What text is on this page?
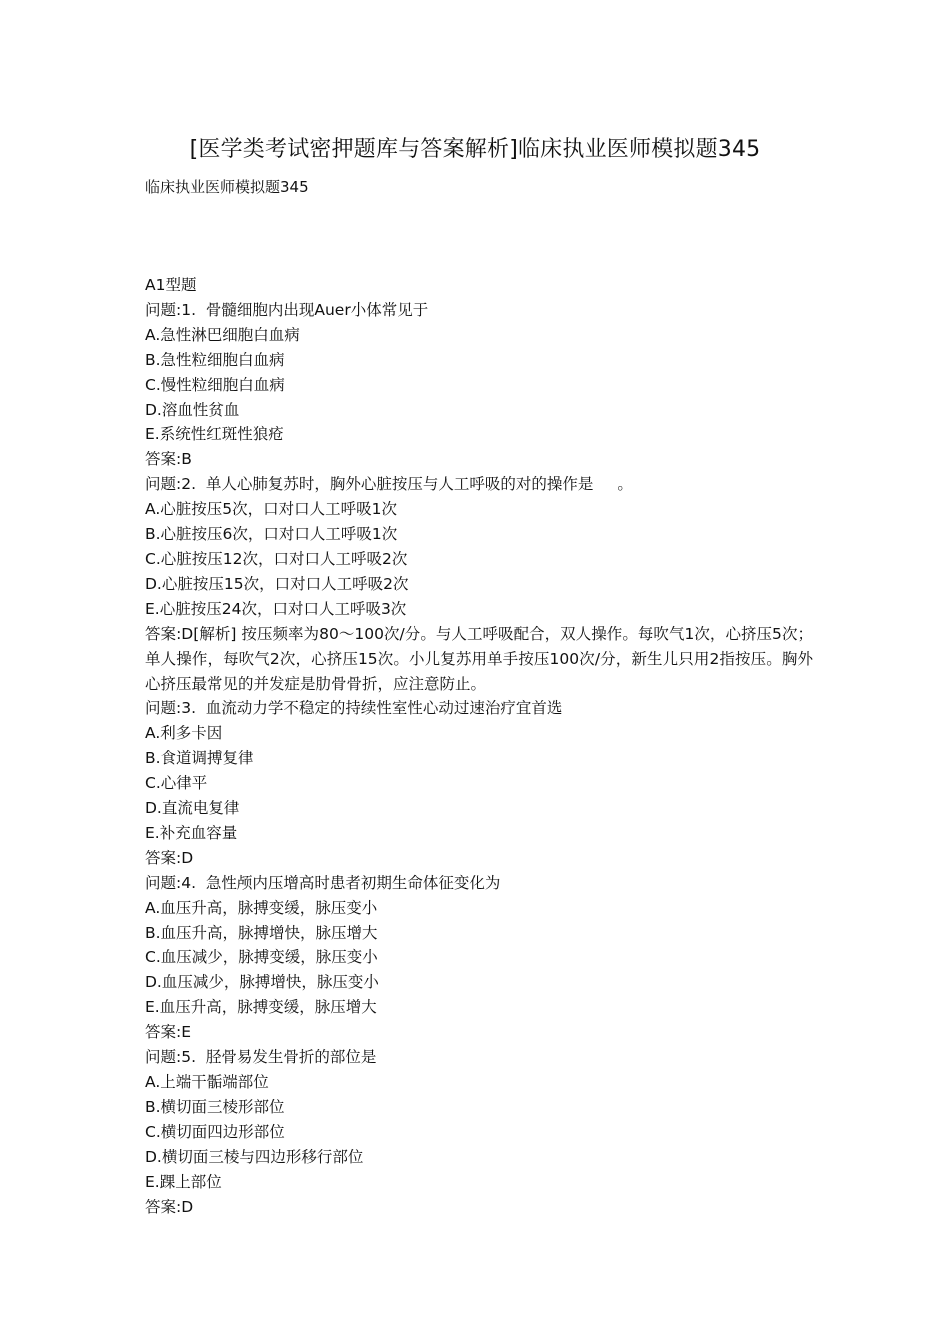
[医学类考试密押题库与答案解析]临床执业医师模拟题345
临床执业医师模拟题345
A1型题
问题:1.  骨髓细胞内出现Auer小体常见于
A.急性淋巴细胞白血病
B.急性粒细胞白血病
C.慢性粒细胞白血病
D.溶血性贫血
E.系统性红斑性狼疮
答案:B
问题:2.  单人心肺复苏时，胸外心脏按压与人工呼吸的对的操作是 。
A.心脏按压5次，口对口人工呼吸1次
B.心脏按压6次，口对口人工呼吸1次
C.心脏按压12次，口对口人工呼吸2次
D.心脏按压15次，口对口人工呼吸2次
E.心脏按压24次，口对口人工呼吸3次
答案:D[解析] 按压频率为80～100次/分。与人工呼吸配合，双人操作。每吹气1次，心挤压5次；单人操作，每吹气2次，心挤压15次。小儿复苏用单手按压100次/分，新生儿只用2指按压。胸外心挤压最常见的并发症是肋骨骨折，应注意防止。
问题:3.  血流动力学不稳定的持续性室性心动过速治疗宜首选
A.利多卡因
B.食道调搏复律
C.心律平
D.直流电复律
E.补充血容量
答案:D
问题:4.  急性颅内压增高时患者初期生命体征变化为
A.血压升高，脉搏变缓，脉压变小
B.血压升高，脉搏增快，脉压增大
C.血压减少，脉搏变缓，脉压变小
D.血压减少，脉搏增快，脉压变小
E.血压升高，脉搏变缓，脉压增大
答案:E
问题:5.  胫骨易发生骨折的部位是
A.上端干骺端部位
B.横切面三棱形部位
C.横切面四边形部位
D.横切面三棱与四边形移行部位
E.踝上部位
答案:D
